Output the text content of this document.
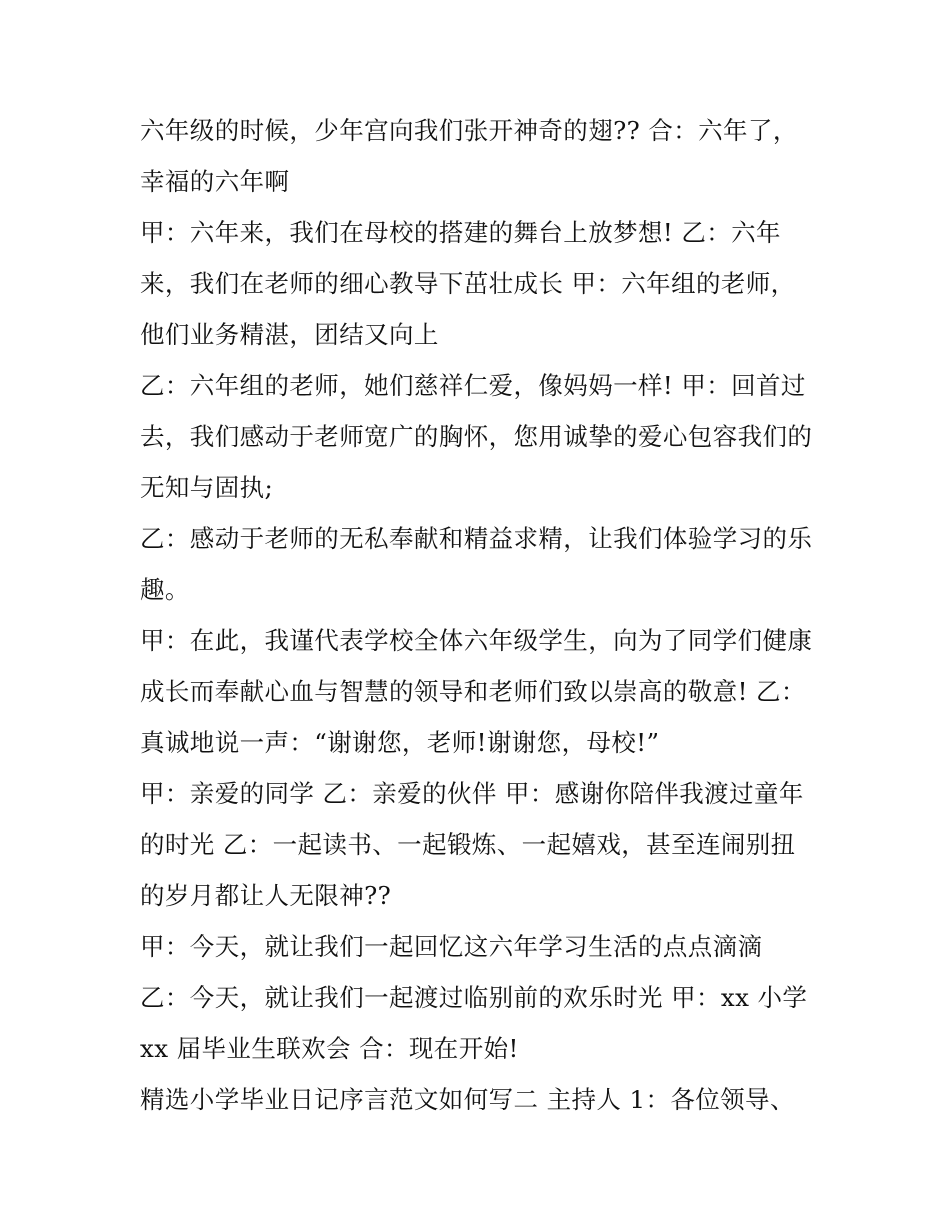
六年级的时候，少年宫向我们张开神奇的翅?? 合：六年了，
幸福的六年啊
甲：六年来，我们在母校的搭建的舞台上放梦想! 乙：六年
来，我们在老师的细心教导下茁壮成长 甲：六年组的老师，
他们业务精湛，团结又向上
乙：六年组的老师，她们慈祥仁爱，像妈妈一样! 甲：回首过
去，我们感动于老师宽广的胸怀，您用诚挚的爱心包容我们的
无知与固执;
乙：感动于老师的无私奉献和精益求精，让我们体验学习的乐
趣。
甲：在此，我谨代表学校全体六年级学生，向为了同学们健康
成长而奉献心血与智慧的领导和老师们致以崇高的敬意! 乙：
真诚地说一声：“谢谢您，老师!谢谢您，母校!”
甲：亲爱的同学 乙：亲爱的伙伴 甲：感谢你陪伴我渡过童年
的时光 乙：一起读书、一起锻炼、一起嬉戏，甚至连闹别扭
的岁月都让人无限神??
甲：今天，就让我们一起回忆这六年学习生活的点点滴滴
乙：今天，就让我们一起渡过临别前的欢乐时光 甲：xx 小学
xx 届毕业生联欢会 合：现在开始!
精选小学毕业日记序言范文如何写二 主持人 1：各位领导、
